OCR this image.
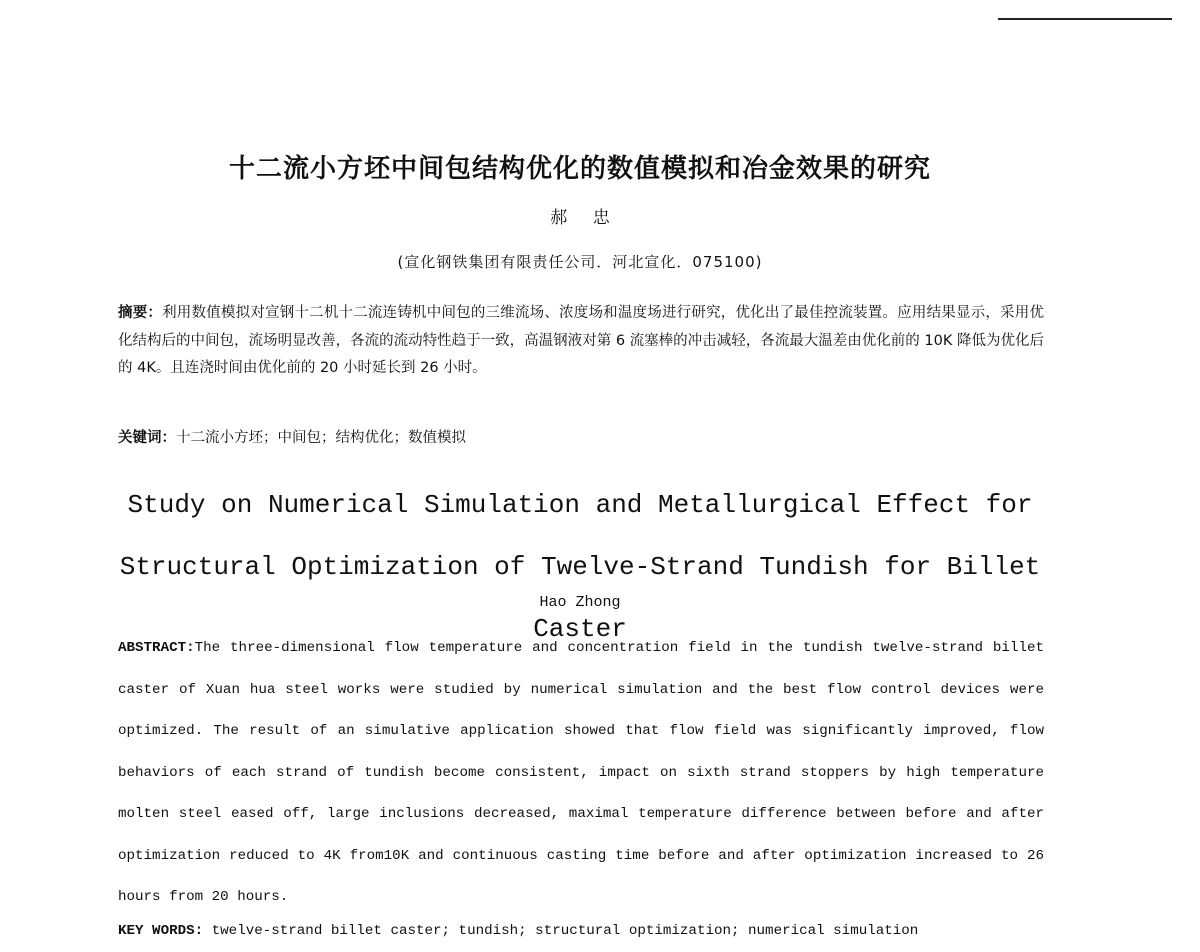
十二流小方坯中间包结构优化的数值模拟和冶金效果的研究
郝 忠
(宣化钢铁集团有限责任公司．河北宣化．075100)
摘要：利用数值模拟对宣钢十二机十二流连铸机中间包的三维流场、浓度场和温度场进行研究，优化出了最佳控流装置。应用结果显示，采用优化结构后的中间包，流场明显改善，各流的流动特性趋于一致，高温钢液对第 6 流塞棒的冲击减轻，各流最大温差由优化前的 10K 降低为优化后的 4K。且连浇时间由优化前的 20 小时延长到 26 小时。
关键词：十二流小方坯；中间包；结构优化；数值模拟
Study on Numerical Simulation and Metallurgical Effect for
Structural Optimization of Twelve-Strand Tundish for Billet Caster
Hao Zhong
ABSTRACT:The three-dimensional flow temperature and concentration field in the tundish twelve-strand billet caster of Xuan hua steel works were studied by numerical simulation and the best flow control devices were optimized. The result of an simulative application showed that flow field was significantly improved, flow behaviors of each strand of tundish become consistent, impact on sixth strand stoppers by high temperature molten steel eased off, large inclusions decreased, maximal temperature difference between before and after optimization reduced to 4K from10K and continuous casting time before and after optimization increased to 26 hours from 20 hours.
KEY WORDS: twelve-strand billet caster; tundish; structural optimization; numerical simulation
